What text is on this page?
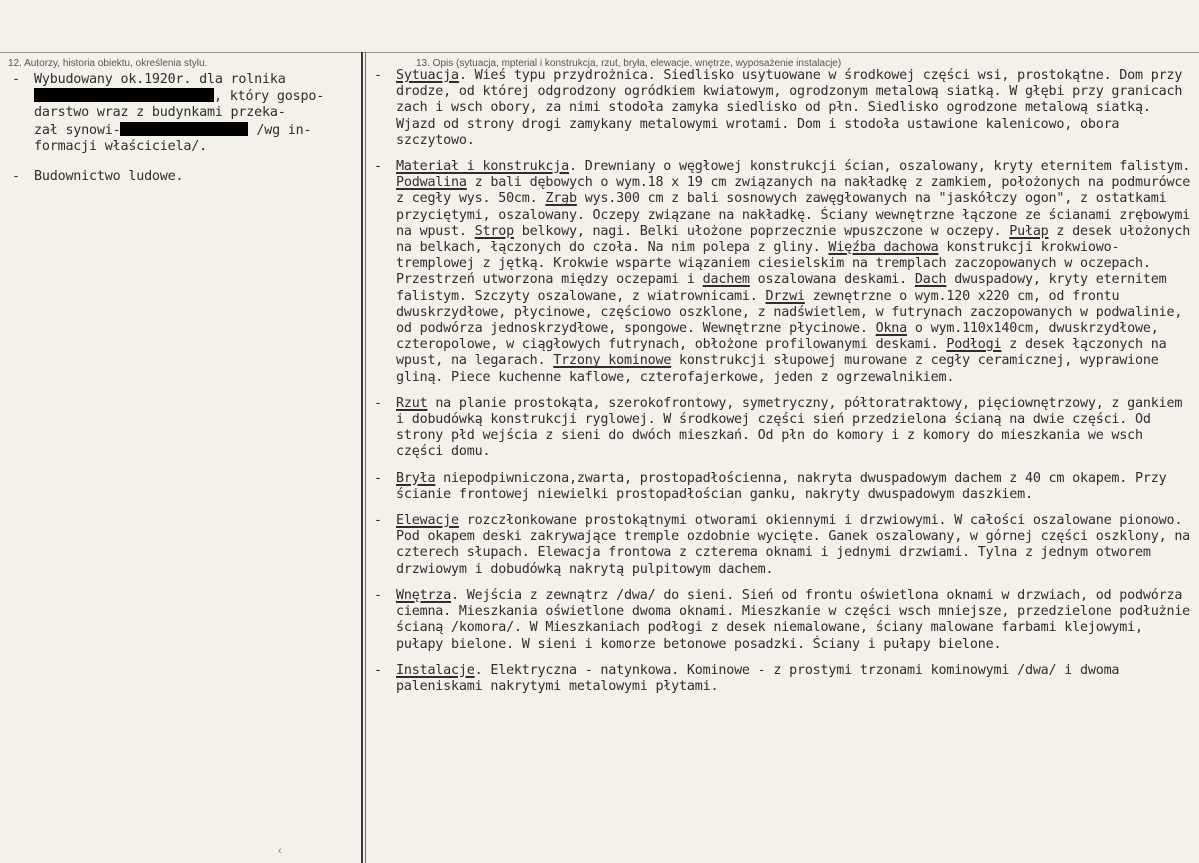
12. Autorzy, historia obiektu, określenia stylu.	13. Opis (sytuacja, mpterial i konstrukcja, rzut, bryła, elewacje, wnętrze, wyposażenie instalacje)
- Wybudowany ok.1920r. dla rolnika

, który gospo-

darstwo wraz z budynkami przeka-

zał synowi-	/wg in-

formacji właściciela/.

- Budownictwo ludowe.

- Sytuacja. Wieś typu przydrożnica. Siedlisko usytuowane w środkowej części wsi, prostokątne. Dom przy drodze, od której odgrodzony ogródkiem kwiatowym, ogrodzonym metalową siatką. W głębi przy granicach zach i wsch obory, za nimi stodoła zamyka siedlisko od płn. Siedlisko ogrodzone metalową siatką. Wjazd od strony drogi zamykany metalowymi wrotami. Dom i stodoła ustawione kalenicowo, obora szczytowo.

- Materiał i konstrukcja. Drewniany o węgłowej konstrukcji ścian, oszalowany, kryty eternitem falistym. Podwalina z bali dębowych o wym.18 x 19 cm związanych na nakładkę z zamkiem, położonych na podmurówce z cegły wys. 50cm. Zrąb wys.300 cm z bali sosnowych zawęgłowanych na "jaskółczy ogon", z ostatkami przyciętymi, oszalowany. Oczepy związane na nakładkę. Ściany wewnętrzne łączone ze ścianami zrębowymi na wpust. Strop belkowy, nagi. Belki ułożone poprzecznie wpuszczone w oczepy. Pułap z desek ułożonych na belkach, łączonych do czoła. Na nim polepa z gliny. Więźba dachowa konstrukcji krokwiowo-tremplowej z jętką. Krokwie wsparte wiązaniem ciesielskim na tremplach zaczopowanych w oczepach. Przestrzeń utworzona między oczepami i dachem oszalowana deskami. Dach dwuspadowy, kryty eternitem falistym. Szczyty oszalowane, z wiatrownicami. Drzwi zewnętrzne o wym.120 x220 cm, od frontu dwuskrzydłowe, płycinowe, częściowo oszklone, z nadświetlem, w futrynach zaczopowanych w podwalinie, od podwórza jednoskrzydłowe, spongowe. Wewnętrzne płycinowe. Okna o wym.110x140cm, dwuskrzydłowe, czteropolowe, w ciągłowych futrynach, obłożone profilowanymi deskami. Podłogi z desek łączonych na wpust, na legarach. Trzony kominowe konstrukcji słupowej murowane z cegły ceramicznej, wyprawione gliną. Piece kuchenne kaflowe, czterofajerkowe, jeden z ogrzewalnikiem.

- Rzut na planie prostokąta, szerokofrontowy, symetryczny, półtoratraktowy, pięciownętrzowy, z gankiem i dobudówką konstrukcji ryglowej. W środkowej części sień przedzielona ścianą na dwie części. Od strony płd wejścia z sieni do dwóch mieszkań. Od płn do komory i z komory do mieszkania we wsch części domu.

- Bryła niepodpiwniczona,zwarta, prostopadłościenna, nakryta dwuspadowym dachem z 40 cm okapem. Przy ścianie frontowej niewielki prostopadłościan ganku, nakryty dwuspadowym daszkiem.

- Elewacje rozczłonkowane prostokątnymi otworami okiennymi i drzwiowymi. W całości oszalowane pionowo. Pod okapem deski zakrywające tremple ozdobnie wycięte. Ganek oszalowany, w górnej części oszklony, na czterech słupach. Elewacja frontowa z czterema oknami i jednymi drzwiami. Tylna z jednym otworem drzwiowym i dobudówką nakrytą pulpitowym dachem.

- Wnętrza. Wejścia z zewnątrz /dwa/ do sieni. Sień od frontu oświetlona oknami w drzwiach, od podwórza ciemna. Mieszkania oświetlone dwoma oknami. Mieszkanie w części wsch mniejsze, przedzielone podłużnie ścianą /komora/. W Mieszkaniach podłogi z desek niemalowane, ściany malowane farbami klejowymi, pułapy bielone. W sieni i komorze betonowe posadzki. Ściany i pułapy bielone.

- Instalacje. Elektryczna - natynkowa. Kominowe - z prostymi trzonami kominowymi /dwa/ i dwoma paleniskami nakrytymi metalowymi płytami.

‹
